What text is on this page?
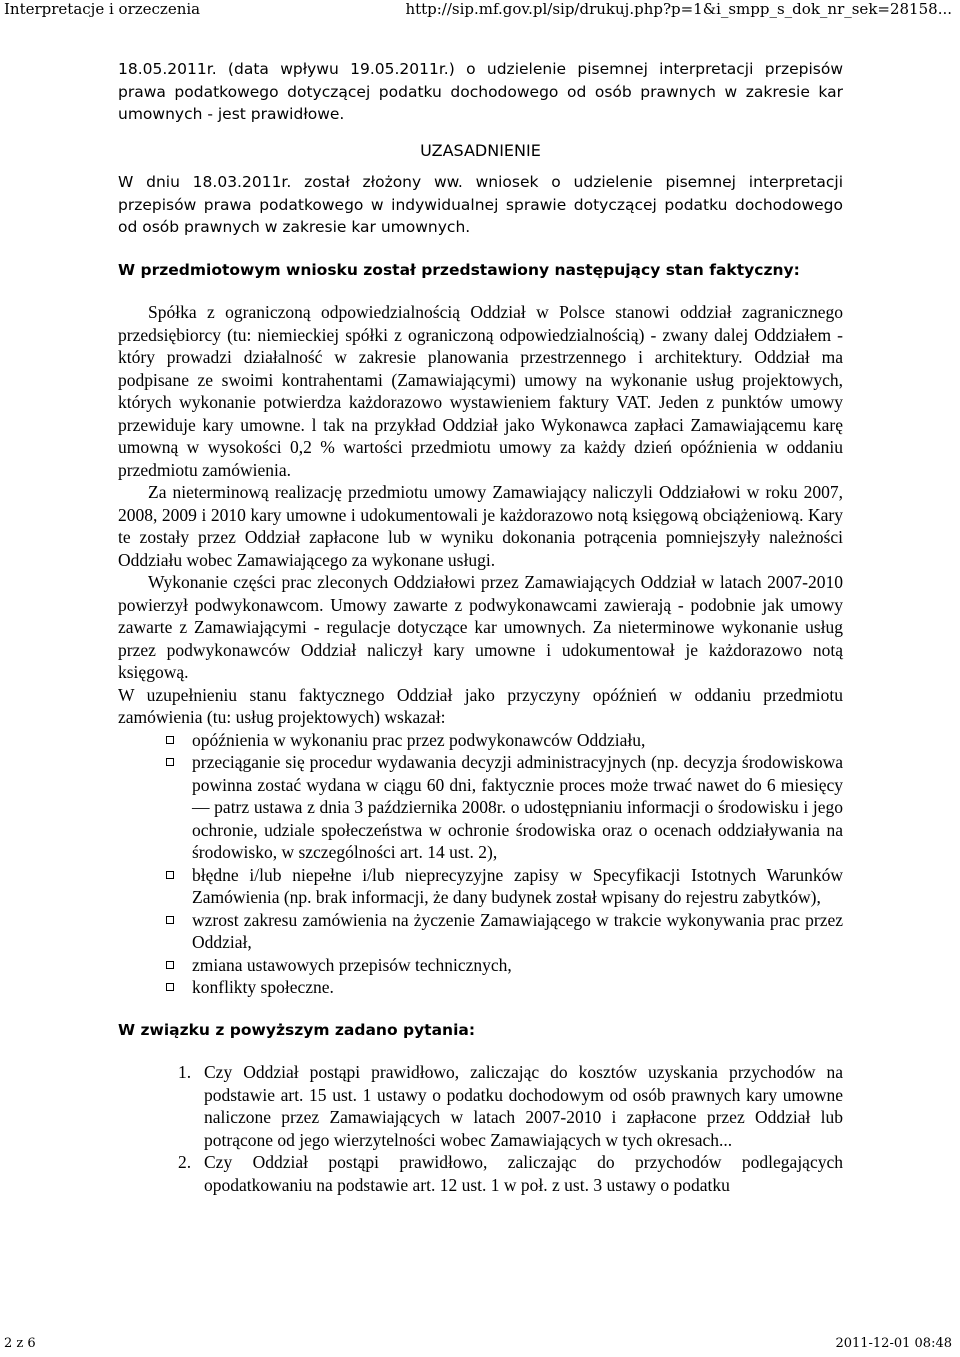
Interpretacje i orzeczenia	http://sip.mf.gov.pl/sip/drukuj.php?p=1&i_smpp_s_dok_nr_sek=28158...

18.05.2011r. (data wpływu 19.05.2011r.) o udzielenie pisemnej interpretacji przepisów prawa podatkowego dotyczącej podatku dochodowego od osób prawnych w zakresie kar umownych - jest prawidłowe.

UZASADNIENIE

W dniu 18.03.2011r. został złożony ww. wniosek o udzielenie pisemnej interpretacji przepisów prawa podatkowego w indywidualnej sprawie dotyczącej podatku dochodowego od osób prawnych w zakresie kar umownych.

W przedmiotowym wniosku został przedstawiony następujący stan faktyczny:

Spółka z ograniczoną odpowiedzialnością Oddział w Polsce stanowi oddział zagranicznego przedsiębiorcy (tu: niemieckiej spółki z ograniczoną odpowiedzialnością) - zwany dalej Oddziałem - który prowadzi działalność w zakresie planowania przestrzennego i architektury. Oddział ma podpisane ze swoimi kontrahentami (Zamawiającymi) umowy na wykonanie usług projektowych, których wykonanie potwierdza każdorazowo wystawieniem faktury VAT. Jeden z punktów umowy przewiduje kary umowne. l tak na przykład Oddział jako Wykonawca zapłaci Zamawiającemu karę umowną w wysokości 0,2 % wartości przedmiotu umowy za każdy dzień opóźnienia w oddaniu przedmiotu zamówienia.

Za nieterminową realizację przedmiotu umowy Zamawiający naliczyli Oddziałowi w roku 2007, 2008, 2009 i 2010 kary umowne i udokumentowali je każdorazowo notą księgową obciążeniową. Kary te zostały przez Oddział zapłacone lub w wyniku dokonania potrącenia pomniejszyły należności Oddziału wobec Zamawiającego za wykonane usługi.

Wykonanie części prac zleconych Oddziałowi przez Zamawiających Oddział w latach 2007-2010 powierzył podwykonawcom. Umowy zawarte z podwykonawcami zawierają - podobnie jak umowy zawarte z Zamawiającymi - regulacje dotyczące kar umownych. Za nieterminowe wykonanie usług przez podwykonawców Oddział naliczył kary umowne i udokumentował je każdorazowo notą księgową.

W uzupełnieniu stanu faktycznego Oddział jako przyczyny opóźnień w oddaniu przedmiotu zamówienia (tu: usług projektowych) wskazał:

opóźnienia w wykonaniu prac przez podwykonawców Oddziału,
przeciąganie się procedur wydawania decyzji administracyjnych (np. decyzja środowiskowa powinna zostać wydana w ciągu 60 dni, faktycznie proces może trwać nawet do 6 miesięcy — patrz ustawa z dnia 3 października 2008r. o udostępnianiu informacji o środowisku i jego ochronie, udziale społeczeństwa w ochronie środowiska oraz o ocenach oddziaływania na środowisko, w szczególności art. 14 ust. 2),
błędne i/lub niepełne i/lub nieprecyzyjne zapisy w Specyfikacji Istotnych Warunków Zamówienia (np. brak informacji, że dany budynek został wpisany do rejestru zabytków),
wzrost zakresu zamówienia na życzenie Zamawiającego w trakcie wykonywania prac przez Oddział,
zmiana ustawowych przepisów technicznych,
konflikty społeczne.
W związku z powyższym zadano pytania:
1. Czy Oddział postąpi prawidłowo, zaliczając do kosztów uzyskania przychodów na podstawie art. 15 ust. 1 ustawy o podatku dochodowym od osób prawnych kary umowne naliczone przez Zamawiających w latach 2007-2010 i zapłacone przez Oddział lub potrącone od jego wierzytelności wobec Zamawiających w tych okresach...
2. Czy Oddział postąpi prawidłowo, zaliczając do przychodów podlegających opodatkowaniu na podstawie art. 12 ust. 1 w poł. z ust. 3 ustawy o podatku
2 z 6	2011-12-01 08:48
